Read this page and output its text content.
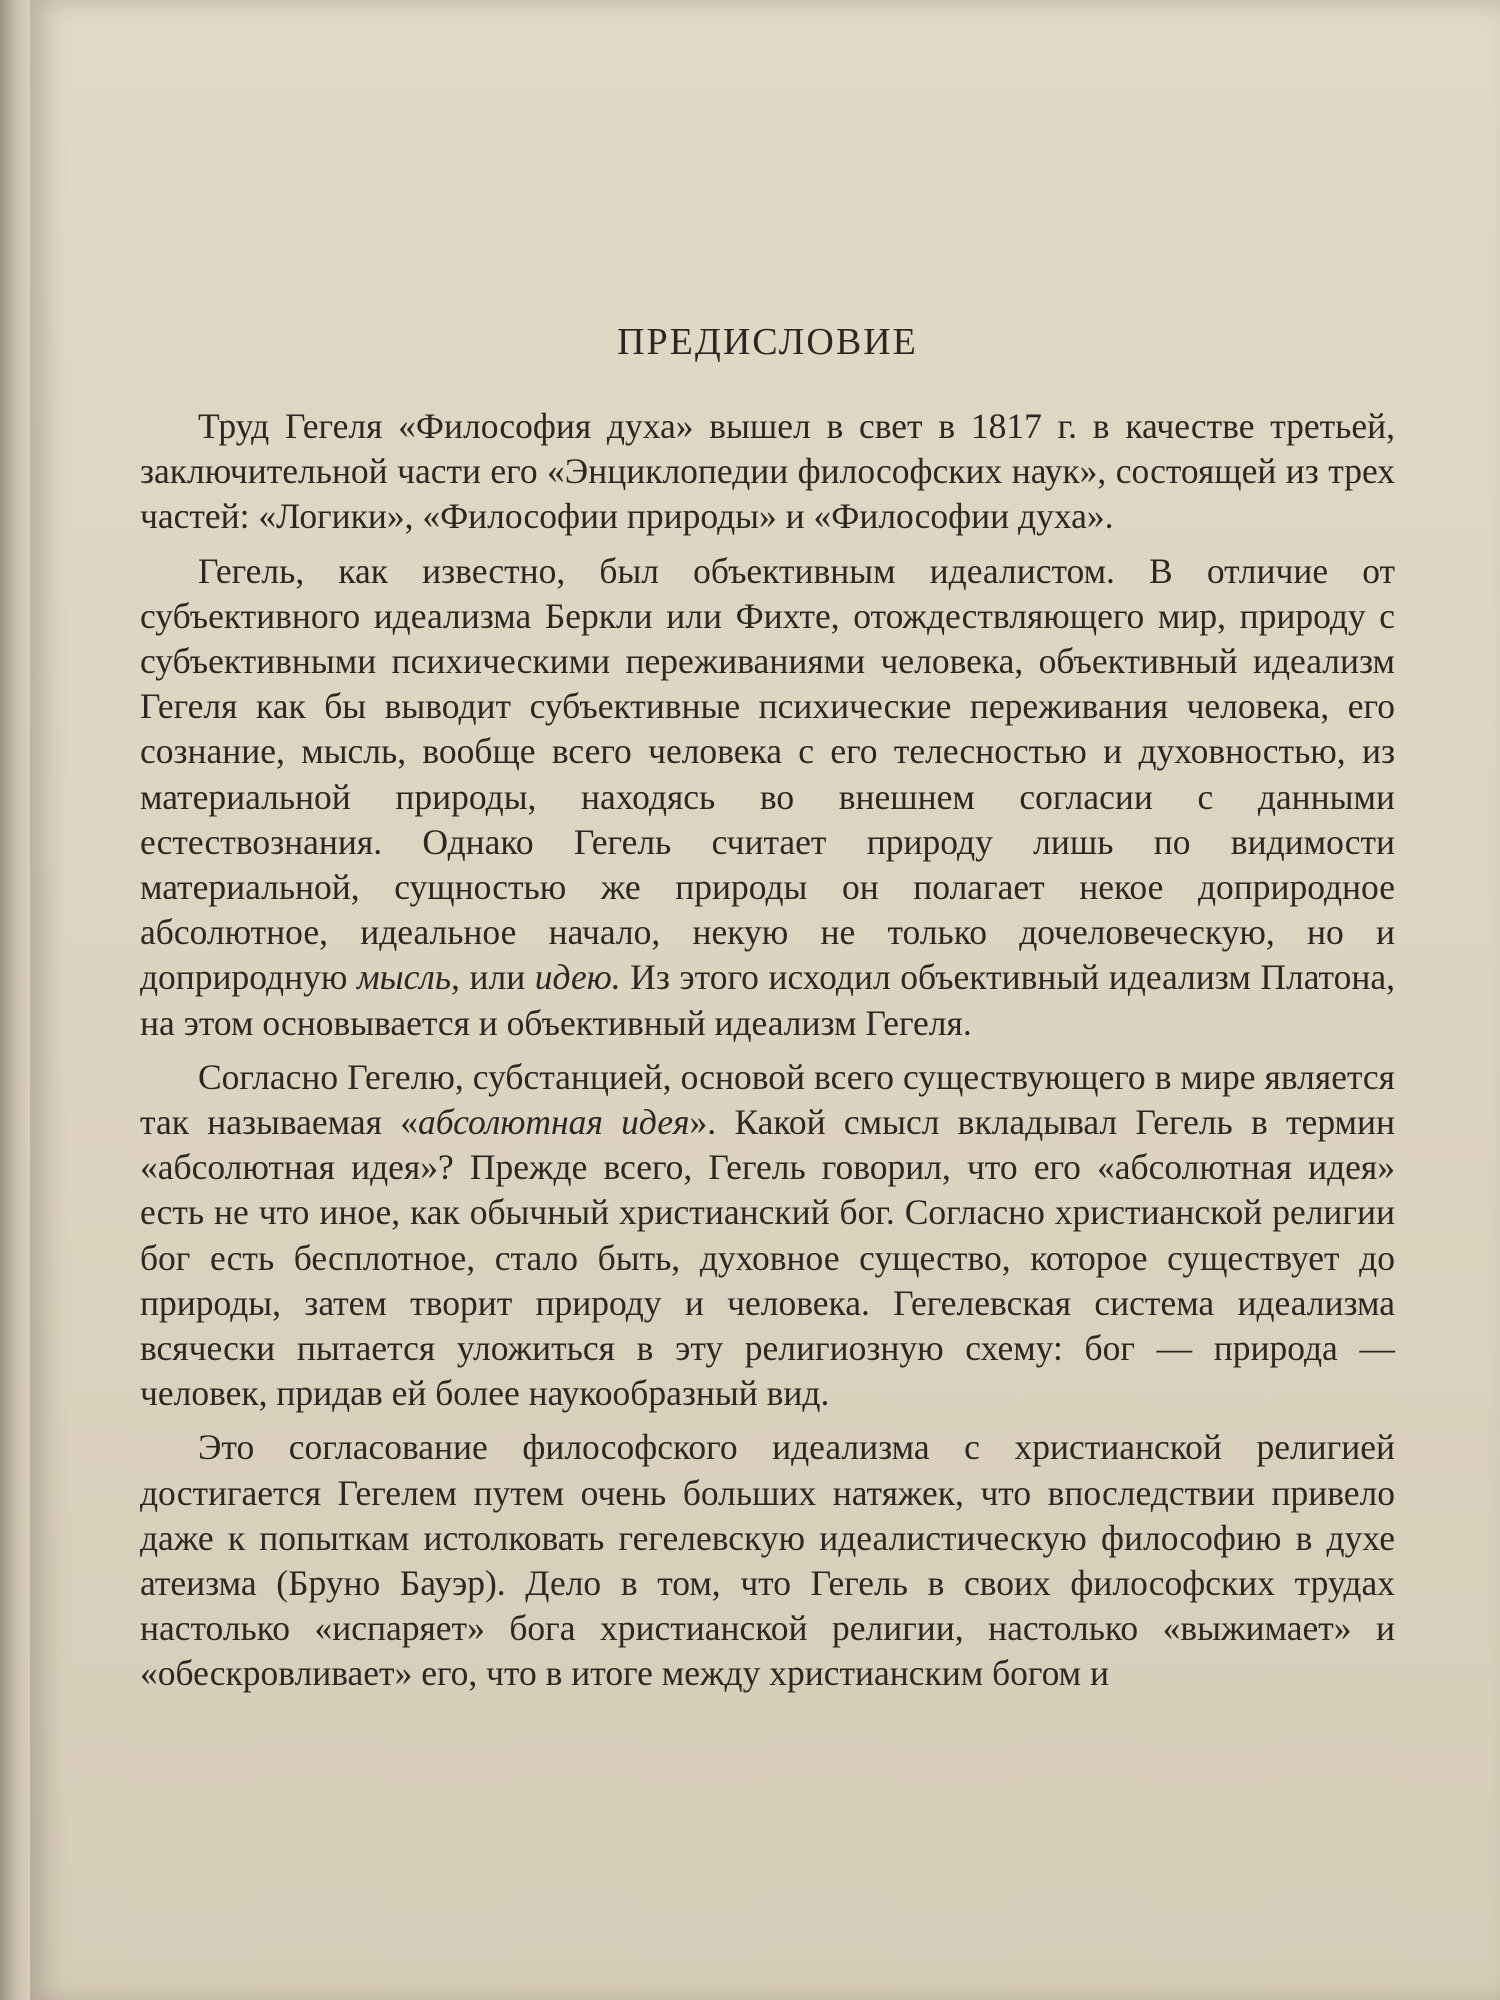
ПРЕДИСЛОВИЕ

Труд Гегеля «Философия духа» вышел в свет в 1817 г. в качестве третьей, заключительной части его «Энциклопедии философских наук», состоящей из трех частей: «Логики», «Философии природы» и «Философии духа».

Гегель, как известно, был объективным идеалистом. В отличие от субъективного идеализма Беркли или Фихте, отождествляющего мир, природу с субъективными психическими переживаниями человека, объективный идеализм Гегеля как бы выводит субъективные психические переживания человека, его сознание, мысль, вообще всего человека с его телесностью и духовностью, из материальной природы, находясь во внешнем согласии с данными естествознания. Однако Гегель считает природу лишь по видимости материальной, сущностью же природы он полагает некое доприродное абсолютное, идеальное начало, некую не только дочеловеческую, но и доприродную мысль, или идею. Из этого исходил объективный идеализм Платона, на этом основывается и объективный идеализм Гегеля.

Согласно Гегелю, субстанцией, основой всего существующего в мире является так называемая «абсолютная идея». Какой смысл вкладывал Гегель в термин «абсолютная идея»? Прежде всего, Гегель говорил, что его «абсолютная идея» есть не что иное, как обычный христианский бог. Согласно христианской религии бог есть бесплотное, стало быть, духовное существо, которое существует до природы, затем творит природу и человека. Гегелевская система идеализма всячески пытается уложиться в эту религиозную схему: бог — природа — человек, придав ей более наукообразный вид.

Это согласование философского идеализма с христианской религией достигается Гегелем путем очень больших натяжек, что впоследствии привело даже к попыткам истолковать гегелевскую идеалистическую философию в духе атеизма (Бруно Бауэр). Дело в том, что Гегель в своих философских трудах настолько «испаряет» бога христианской религии, настолько «выжимает» и «обескровливает» его, что в итоге между христианским богом и
